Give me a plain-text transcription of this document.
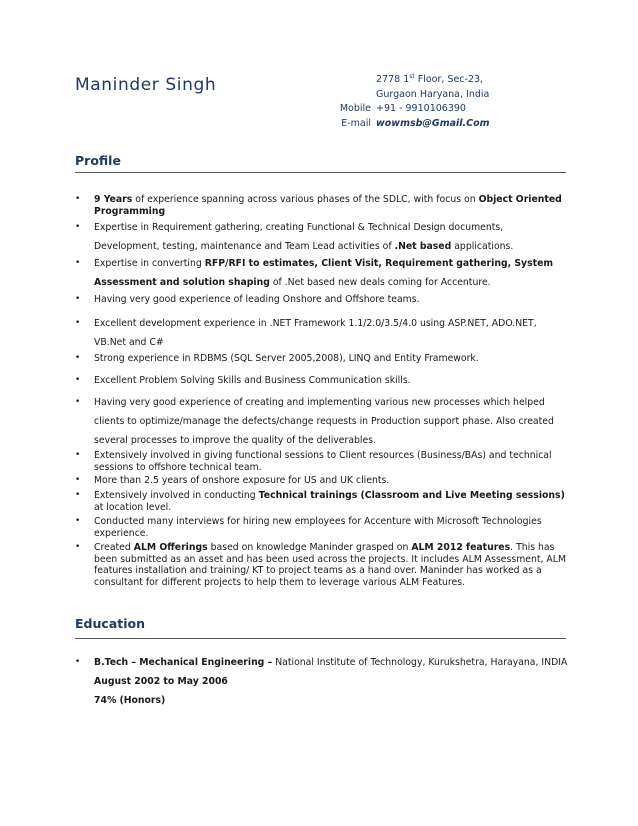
Maninder Singh
Mobile
E-mail
2778 1st Floor, Sec-23,
Gurgaon Haryana, India
+91 - 9910106390
wowmsb@Gmail.Com
Profile
• 9 Years of experience spanning across various phases of the SDLC, with focus on Object Oriented Programming
• Expertise in Requirement gathering, creating Functional & Technical Design documents, Development, testing, maintenance and Team Lead activities of .Net based applications.
• Expertise in converting RFP/RFI to estimates, Client Visit, Requirement gathering, System Assessment and solution shaping of .Net based new deals coming for Accenture.
• Having very good experience of leading Onshore and Offshore teams.
• Excellent development experience in .NET Framework 1.1/2.0/3.5/4.0 using ASP.NET, ADO.NET, VB.Net and C#
• Strong experience in RDBMS (SQL Server 2005,2008), LINQ and Entity Framework.
• Excellent Problem Solving Skills and Business Communication skills.
• Having very good experience of creating and implementing various new processes which helped clients to optimize/manage the defects/change requests in Production support phase. Also created several processes to improve the quality of the deliverables.
• Extensively involved in giving functional sessions to Client resources (Business/BAs) and technical sessions to offshore technical team.
• More than 2.5 years of onshore exposure for US and UK clients.
• Extensively involved in conducting Technical trainings (Classroom and Live Meeting sessions) at location level.
• Conducted many interviews for hiring new employees for Accenture with Microsoft Technologies experience.
• Created ALM Offerings based on knowledge Maninder grasped on ALM 2012 features. This has been submitted as an asset and has been used across the projects. It includes ALM Assessment, ALM features installation and training/ KT to project teams as a hand over. Maninder has worked as a consultant for different projects to help them to leverage various ALM Features.
Education
• B.Tech – Mechanical Engineering – National Institute of Technology, Kurukshetra, Harayana, INDIA
August 2002 to May 2006
74% (Honors)
